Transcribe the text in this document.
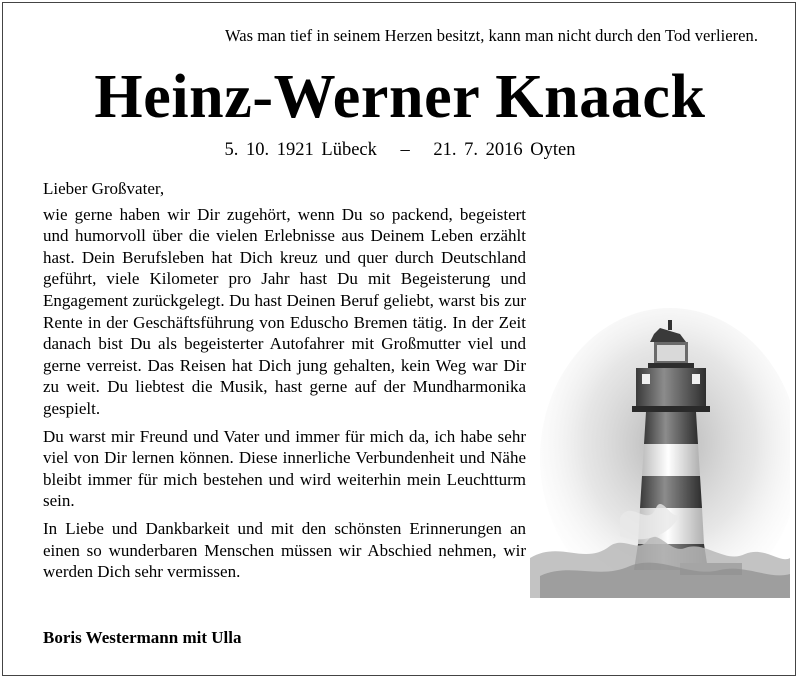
Was man tief in seinem Herzen besitzt, kann man nicht durch den Tod verlieren.
Heinz-Werner Knaack
5. 10. 1921 Lübeck – 21. 7. 2016 Oyten

Lieber Großvater,

wie gerne haben wir Dir zugehört, wenn Du so packend, begeistert und humorvoll über die vielen Erlebnisse aus Deinem Leben erzählt hast. Dein Berufsleben hat Dich kreuz und quer durch Deutschland geführt, viele Kilometer pro Jahr hast Du mit Begeisterung und Engagement zurückgelegt. Du hast Deinen Beruf geliebt, warst bis zur Rente in der Geschäftsführung von Eduscho Bremen tätig. In der Zeit danach bist Du als begeisterter Autofahrer mit Großmutter viel und gerne verreist. Das Reisen hat Dich jung gehalten, kein Weg war Dir zu weit. Du liebtest die Musik, hast gerne auf der Mundharmonika gespielt.

Du warst mir Freund und Vater und immer für mich da, ich habe sehr viel von Dir lernen können. Diese innerliche Verbundenheit und Nähe bleibt immer für mich bestehen und wird weiterhin mein Leuchtturm sein.

In Liebe und Dankbarkeit und mit den schönsten Erinnerungen an einen so wunderbaren Menschen müssen wir Abschied nehmen, wir werden Dich sehr vermissen.

Boris Westermann mit Ulla
